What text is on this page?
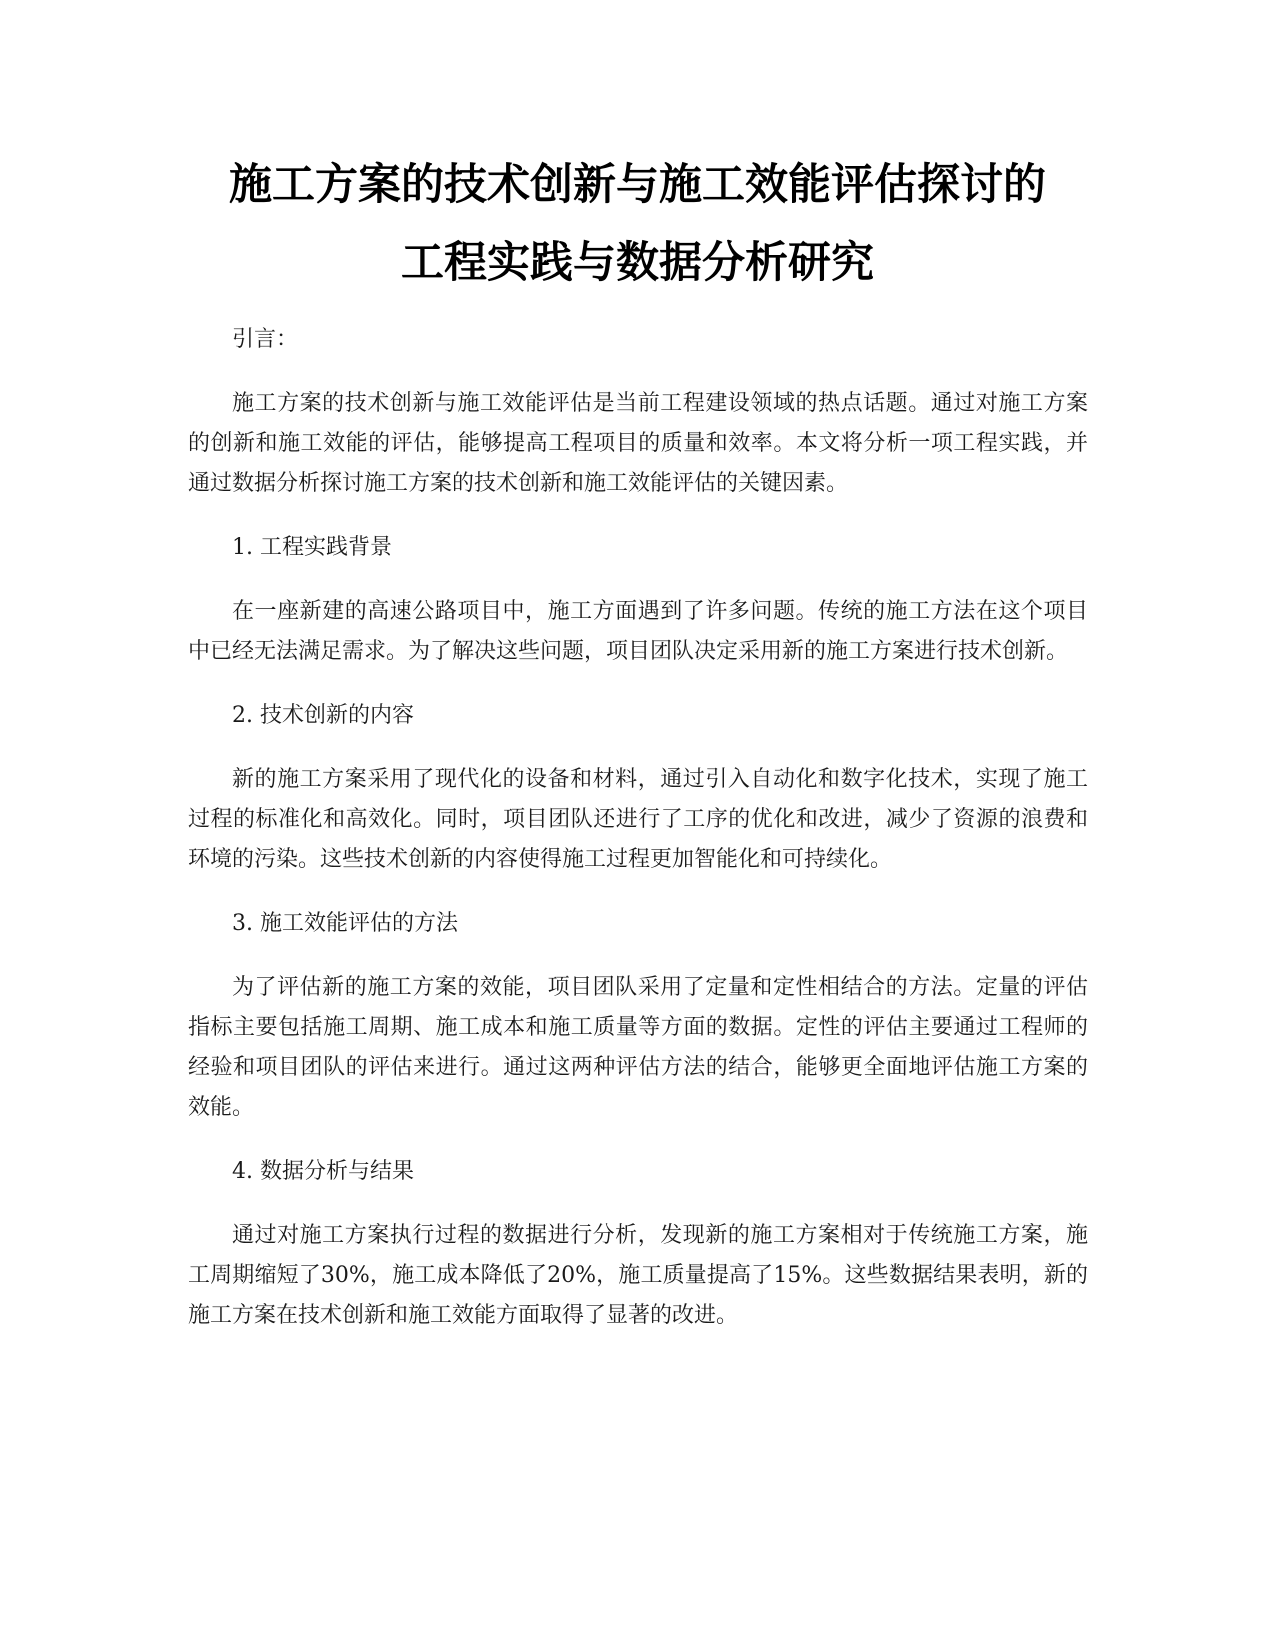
施工方案的技术创新与施工效能评估探讨的
工程实践与数据分析研究

引言：

施工方案的技术创新与施工效能评估是当前工程建设领域的热点话题。通过对施工方案的创新和施工效能的评估，能够提高工程项目的质量和效率。本文将分析一项工程实践，并通过数据分析探讨施工方案的技术创新和施工效能评估的关键因素。

1. 工程实践背景

在一座新建的高速公路项目中，施工方面遇到了许多问题。传统的施工方法在这个项目中已经无法满足需求。为了解决这些问题，项目团队决定采用新的施工方案进行技术创新。

2. 技术创新的内容

新的施工方案采用了现代化的设备和材料，通过引入自动化和数字化技术，实现了施工过程的标准化和高效化。同时，项目团队还进行了工序的优化和改进，减少了资源的浪费和环境的污染。这些技术创新的内容使得施工过程更加智能化和可持续化。

3. 施工效能评估的方法

为了评估新的施工方案的效能，项目团队采用了定量和定性相结合的方法。定量的评估指标主要包括施工周期、施工成本和施工质量等方面的数据。定性的评估主要通过工程师的经验和项目团队的评估来进行。通过这两种评估方法的结合，能够更全面地评估施工方案的效能。

4. 数据分析与结果

通过对施工方案执行过程的数据进行分析，发现新的施工方案相对于传统施工方案，施工周期缩短了30%，施工成本降低了20%，施工质量提高了15%。这些数据结果表明，新的施工方案在技术创新和施工效能方面取得了显著的改进。
